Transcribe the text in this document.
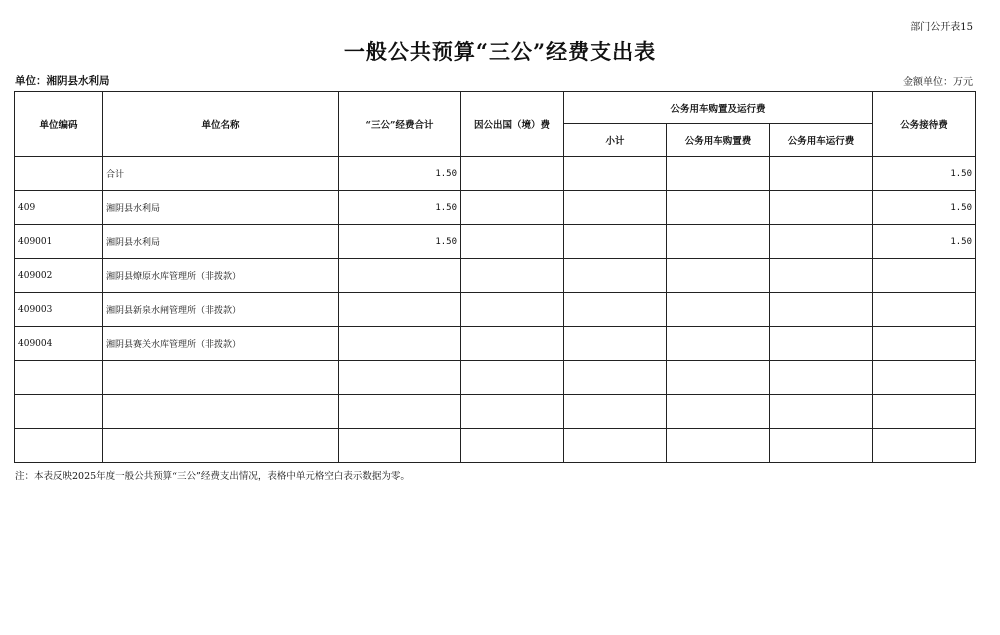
部门公开表15
一般公共预算“三公”经费支出表
单位：湘阴县水利局	金额单位：万元
单位编码	单位名称	“三公”经费合计	因公出国（境）费	公务用车购置及运行费			公务接待费
				小计	公务用车购置费	公务用车运行费	
	合计	1.50					1.50
409	湘阴县水利局	1.50					1.50
409001	湘阴县水利局	1.50					1.50
409002	湘阴县燎原水库管理所（非拨款）						
409003	湘阴县新泉水闸管理所（非拨款）						
409004	湘阴县赛关水库管理所（非拨款）						

注：本表反映2025年度一般公共预算“三公”经费支出情况，表格中单元格空白表示数据为零。
